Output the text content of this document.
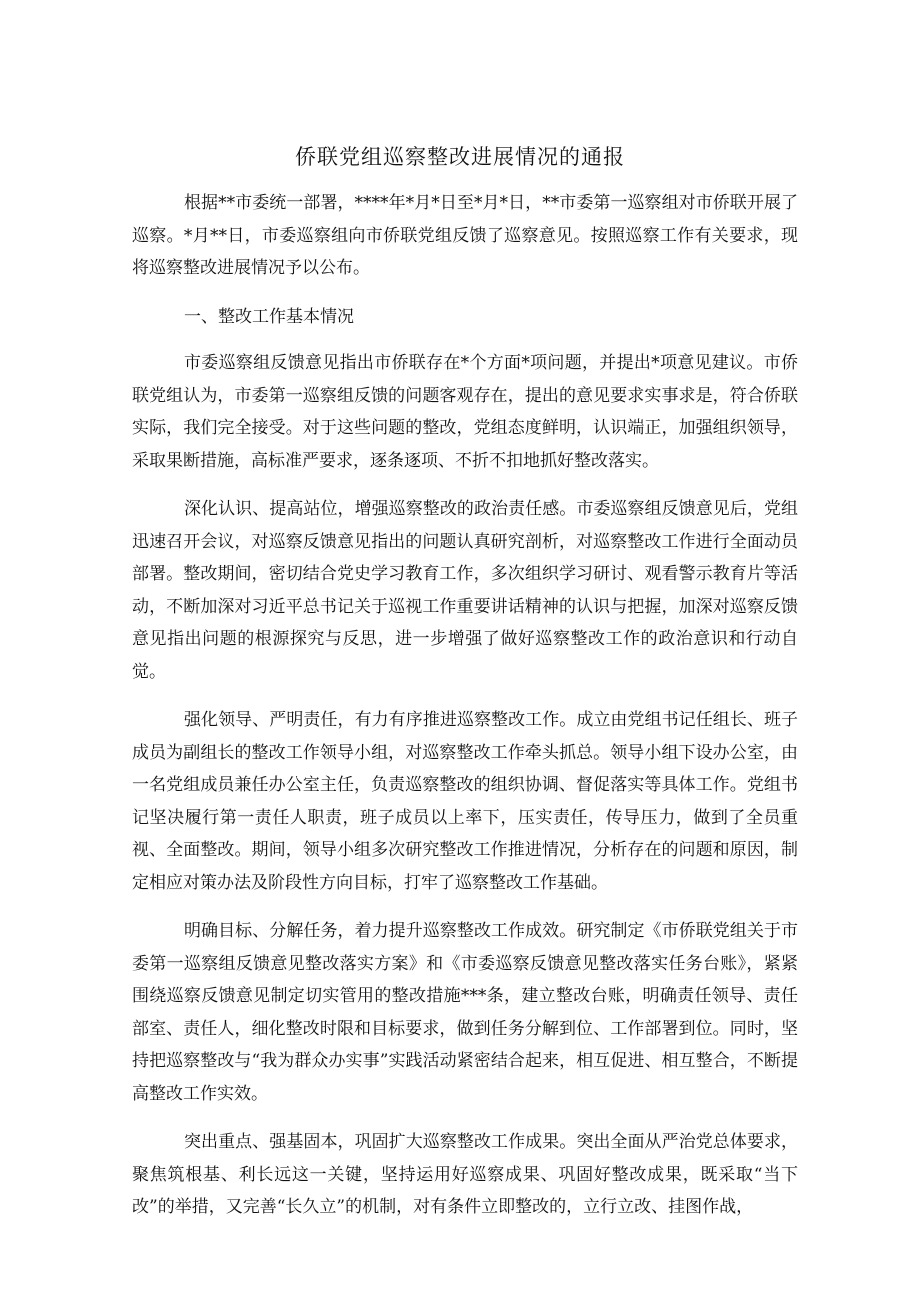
侨联党组巡察整改进展情况的通报

根据**市委统一部署，****年*月*日至*月*日，**市委第一巡察组对市侨联开展了巡察。*月**日，市委巡察组向市侨联党组反馈了巡察意见。按照巡察工作有关要求，现将巡察整改进展情况予以公布。

一、整改工作基本情况

市委巡察组反馈意见指出市侨联存在*个方面*项问题，并提出*项意见建议。市侨联党组认为，市委第一巡察组反馈的问题客观存在，提出的意见要求实事求是，符合侨联实际，我们完全接受。对于这些问题的整改，党组态度鲜明，认识端正，加强组织领导，采取果断措施，高标准严要求，逐条逐项、不折不扣地抓好整改落实。

深化认识、提高站位，增强巡察整改的政治责任感。市委巡察组反馈意见后，党组迅速召开会议，对巡察反馈意见指出的问题认真研究剖析，对巡察整改工作进行全面动员部署。整改期间，密切结合党史学习教育工作，多次组织学习研讨、观看警示教育片等活动，不断加深对习近平总书记关于巡视工作重要讲话精神的认识与把握，加深对巡察反馈意见指出问题的根源探究与反思，进一步增强了做好巡察整改工作的政治意识和行动自觉。

强化领导、严明责任，有力有序推进巡察整改工作。成立由党组书记任组长、班子成员为副组长的整改工作领导小组，对巡察整改工作牵头抓总。领导小组下设办公室，由一名党组成员兼任办公室主任，负责巡察整改的组织协调、督促落实等具体工作。党组书记坚决履行第一责任人职责，班子成员以上率下，压实责任，传导压力，做到了全员重视、全面整改。期间，领导小组多次研究整改工作推进情况，分析存在的问题和原因，制定相应对策办法及阶段性方向目标，打牢了巡察整改工作基础。

明确目标、分解任务，着力提升巡察整改工作成效。研究制定《市侨联党组关于市委第一巡察组反馈意见整改落实方案》和《市委巡察反馈意见整改落实任务台账》，紧紧围绕巡察反馈意见制定切实管用的整改措施***条，建立整改台账，明确责任领导、责任部室、责任人，细化整改时限和目标要求，做到任务分解到位、工作部署到位。同时，坚持把巡察整改与“我为群众办实事”实践活动紧密结合起来，相互促进、相互整合，不断提高整改工作实效。

突出重点、强基固本，巩固扩大巡察整改工作成果。突出全面从严治党总体要求，聚焦筑根基、利长远这一关键，坚持运用好巡察成果、巩固好整改成果，既采取“当下改”的举措，又完善“长久立”的机制，对有条件立即整改的，立行立改、挂图作战，
